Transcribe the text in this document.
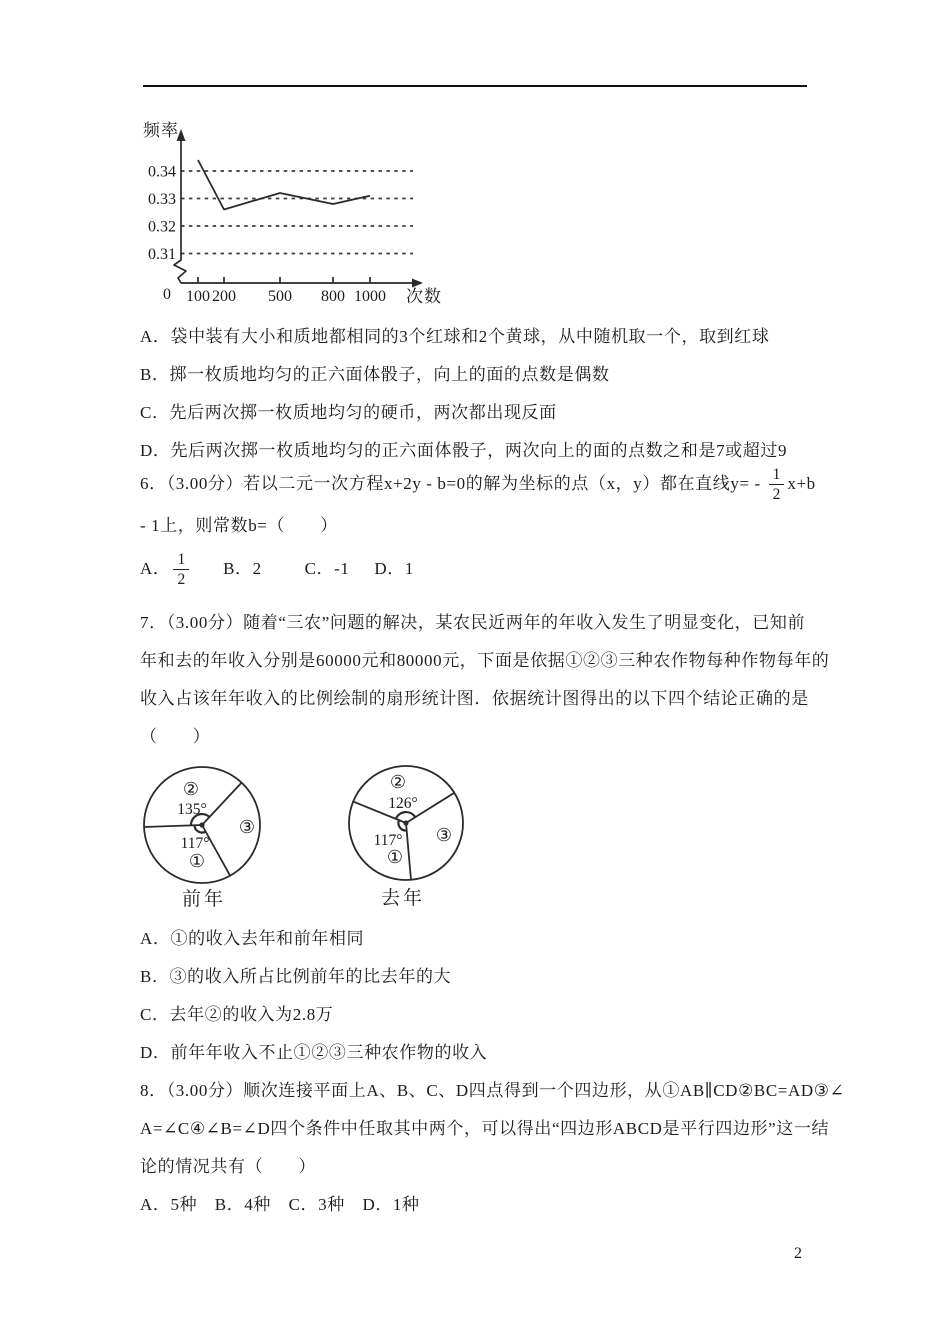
0.34
0.33
0.32
0.31
频率
次数
0 100 200 500 800 1000
A．袋中装有大小和质地都相同的3个红球和2个黄球，从中随机取一个，取到红球
B．掷一枚质地均匀的正六面体骰子，向上的面的点数是偶数
C．先后两次掷一枚质地均匀的硬币，两次都出现反面
D．先后两次掷一枚质地均匀的正六面体骰子，两次向上的面的点数之和是7或超过9
6．（3.00分）若以二元一次方程x+2y - b=0的解为坐标的点（x，y）都在直线$y= - \frac{1}{2} x+b$
- 1上，则常数b=（　　）
A． $\frac{1}{2}$ B．2	C．-1 D．1
7．（3.00分）随着“三农”问题的解决，某农民近两年的年收入发生了明显变化，已知前
年和去的年收入分别是60000元和80000元，下面是依据①②③三种农作物每种作物每年的
收入占该年年收入的比例绘制的扇形统计图．依据统计图得出的以下四个结论正确的是
（　　）
②
135°
117°
①
③
前年
②
126°
117°
①
③
去年
A．①的收入去年和前年相同
B．③的收入所占比例前年的比去年的大
C．去年②的收入为2.8万
D．前年年收入不止①②③三种农作物的收入
8．（3.00分）顺次连接平面上A、B、C、D四点得到一个四边形，从①AB∥CD②BC=AD③∠
A=∠C④∠B=∠D四个条件中任取其中两个，可以得出“四边形ABCD是平行四边形”这一结
论的情况共有（　　）
A．5种　B．4种　C．3种　D．1种
2
